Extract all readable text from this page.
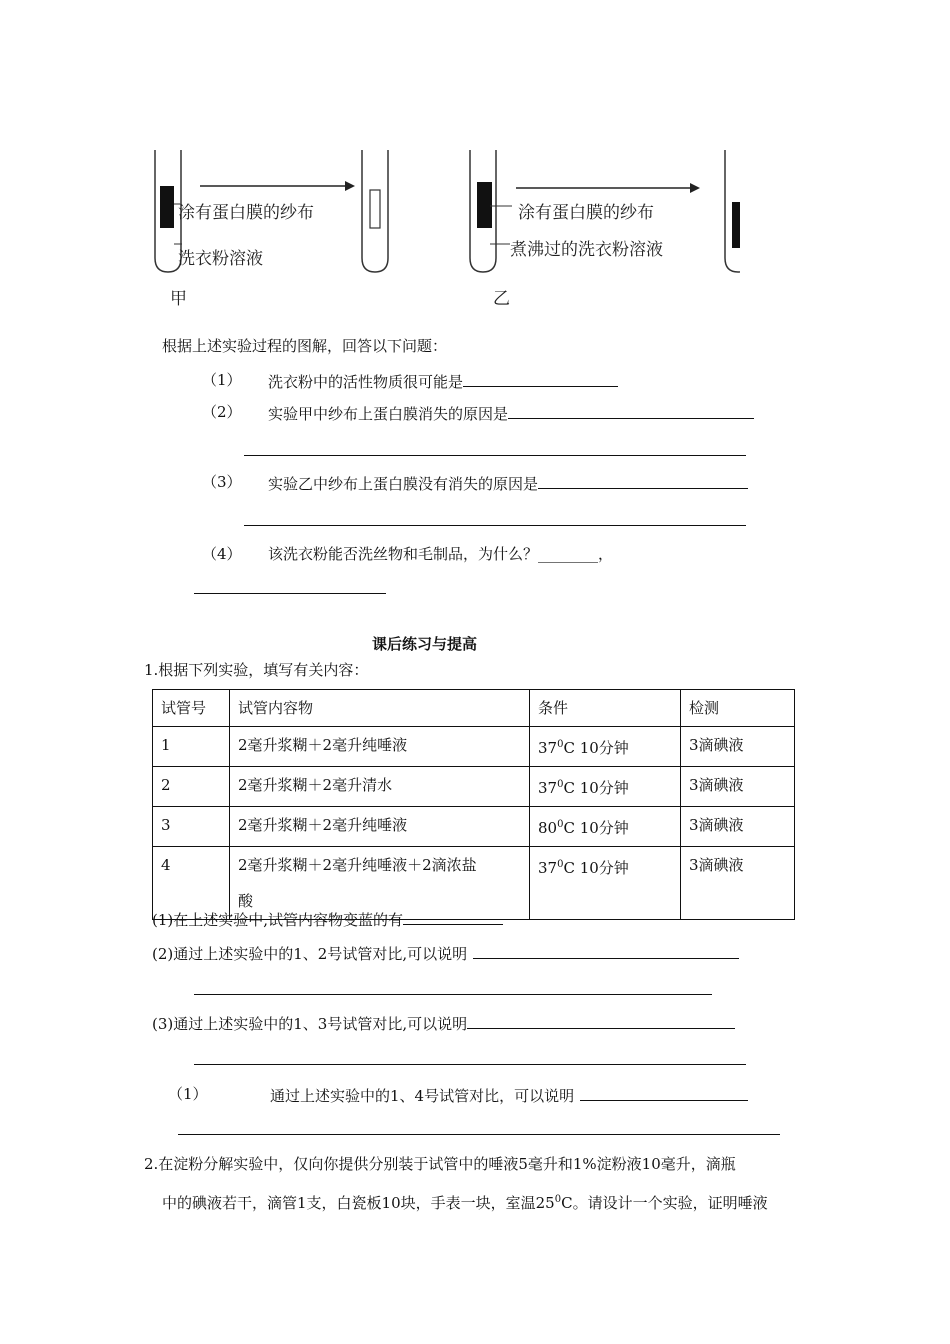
涂有蛋白膜的纱布
洗衣粉溶液
涂有蛋白膜的纱布
煮沸过的洗衣粉溶液
甲	乙
根据上述实验过程的图解，回答以下问题：
（1） 洗衣粉中的活性物质很可能是
（2） 实验甲中纱布上蛋白膜消失的原因是
（3） 实验乙中纱布上蛋白膜没有消失的原因是
（4） 该洗衣粉能否洗丝物和毛制品，为什么？________，
课后练习与提高
1.根据下列实验，填写有关内容：
试管号	试管内容物	条件	检测
1	2毫升浆糊＋2毫升纯唾液	$37^0C$ 10分钟	3滴碘液
2	2毫升浆糊＋2毫升清水	$37^0C$ 10分钟	3滴碘液
3	2毫升浆糊＋2毫升纯唾液	$80^0C$ 10分钟	3滴碘液
4	2毫升浆糊＋2毫升纯唾液＋2滴浓盐
酸	$37^0C$ 10分钟	3滴碘液
(1)在上述实验中,试管内容物变蓝的有
(2)通过上述实验中的1、2号试管对比,可以说明
(3)通过上述实验中的1、3号试管对比,可以说明
（1）	通过上述实验中的1、4号试管对比，可以说明
2.在淀粉分解实验中，仅向你提供分别装于试管中的唾液5毫升和1%淀粉液10毫升，滴瓶
中的碘液若干，滴管1支，白瓷板10块，手表一块，室温$25^0C$。请设计一个实验，证明唾液
